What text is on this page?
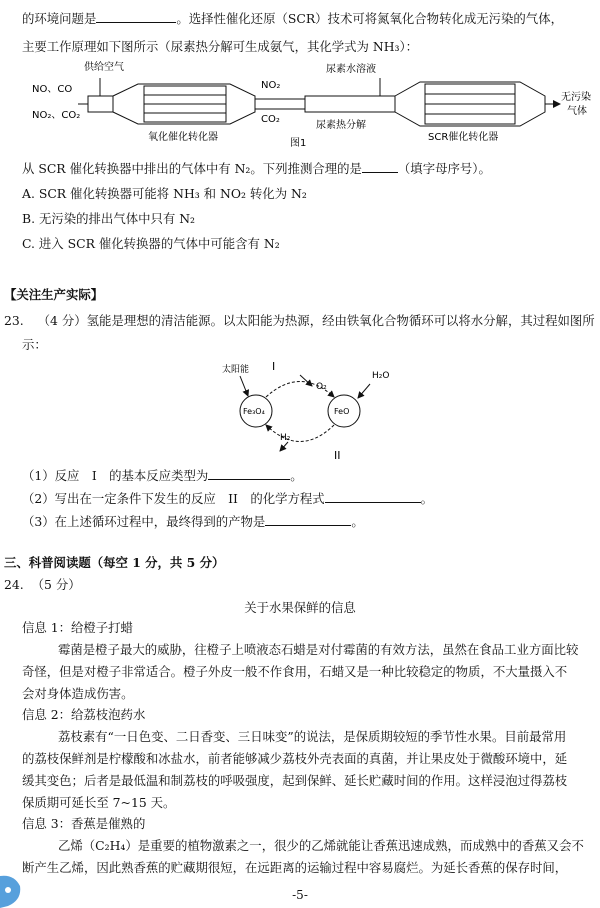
的环境问题是	。选择性催化还原（SCR）技术可将氮氧化合物转化成无污染的气体，
主要工作原理如下图所示（尿素热分解可生成氨气，其化学式为 NH₃）：
NO、CO
NO₂、CO₂
供给空气
氧化催化转化器
NO₂
CO₂
尿素水溶液
尿素热分解
SCR催化转化器
无污染
气体
图1
从 SCR 催化转换器中排出的气体中有 N₂。下列推测合理的是	（填字母序号）。
A. SCR 催化转换器可能将 NH₃ 和 NO₂ 转化为 N₂
B. 无污染的排出气体中只有 N₂
C. 进入 SCR 催化转换器的气体中可能含有 N₂
【关注生产实际】
23. （4 分）氢能是理想的清洁能源。以太阳能为热源，经由铁氧化合物循环可以将水分解，其过程如图所
示：
太阳能 I
H₂O
Fe₃O₄	FeO
O₂
H₂
II
（1）反应　I　的基本反应类型为	。
（2）写出在一定条件下发生的反应　II　的化学方程式	。
（3）在上述循环过程中，最终得到的产物是	。
三、科普阅读题（每空 1 分，共 5 分）
24. （5 分）
关于水果保鲜的信息
信息 1：给橙子打蜡
霉菌是橙子最大的威胁，往橙子上喷液态石蜡是对付霉菌的有效方法，虽然在食品工业方面比较
奇怪，但是对橙子非常适合。橙子外皮一般不作食用，石蜡又是一种比较稳定的物质，不大量摄入不
会对身体造成伤害。
信息 2：给荔枝泡药水
荔枝素有“一日色变、二日香变、三日味变”的说法，是保质期较短的季节性水果。目前最常用
的荔枝保鲜剂是柠檬酸和冰盐水，前者能够减少荔枝外壳表面的真菌，并让果皮处于微酸环境中，延
缓其变色；后者是最低温和制荔枝的呼吸强度，起到保鲜、延长贮藏时间的作用。这样浸泡过得荔枝
保质期可延长至 7~15 天。
信息 3：香蕉是催熟的
乙烯（C₂H₄）是重要的植物激素之一，很少的乙烯就能让香蕉迅速成熟，而成熟中的香蕉又会不
断产生乙烯，因此熟香蕉的贮藏期很短，在远距离的运输过程中容易腐烂。为延长香蕉的保存时间，
-5-
